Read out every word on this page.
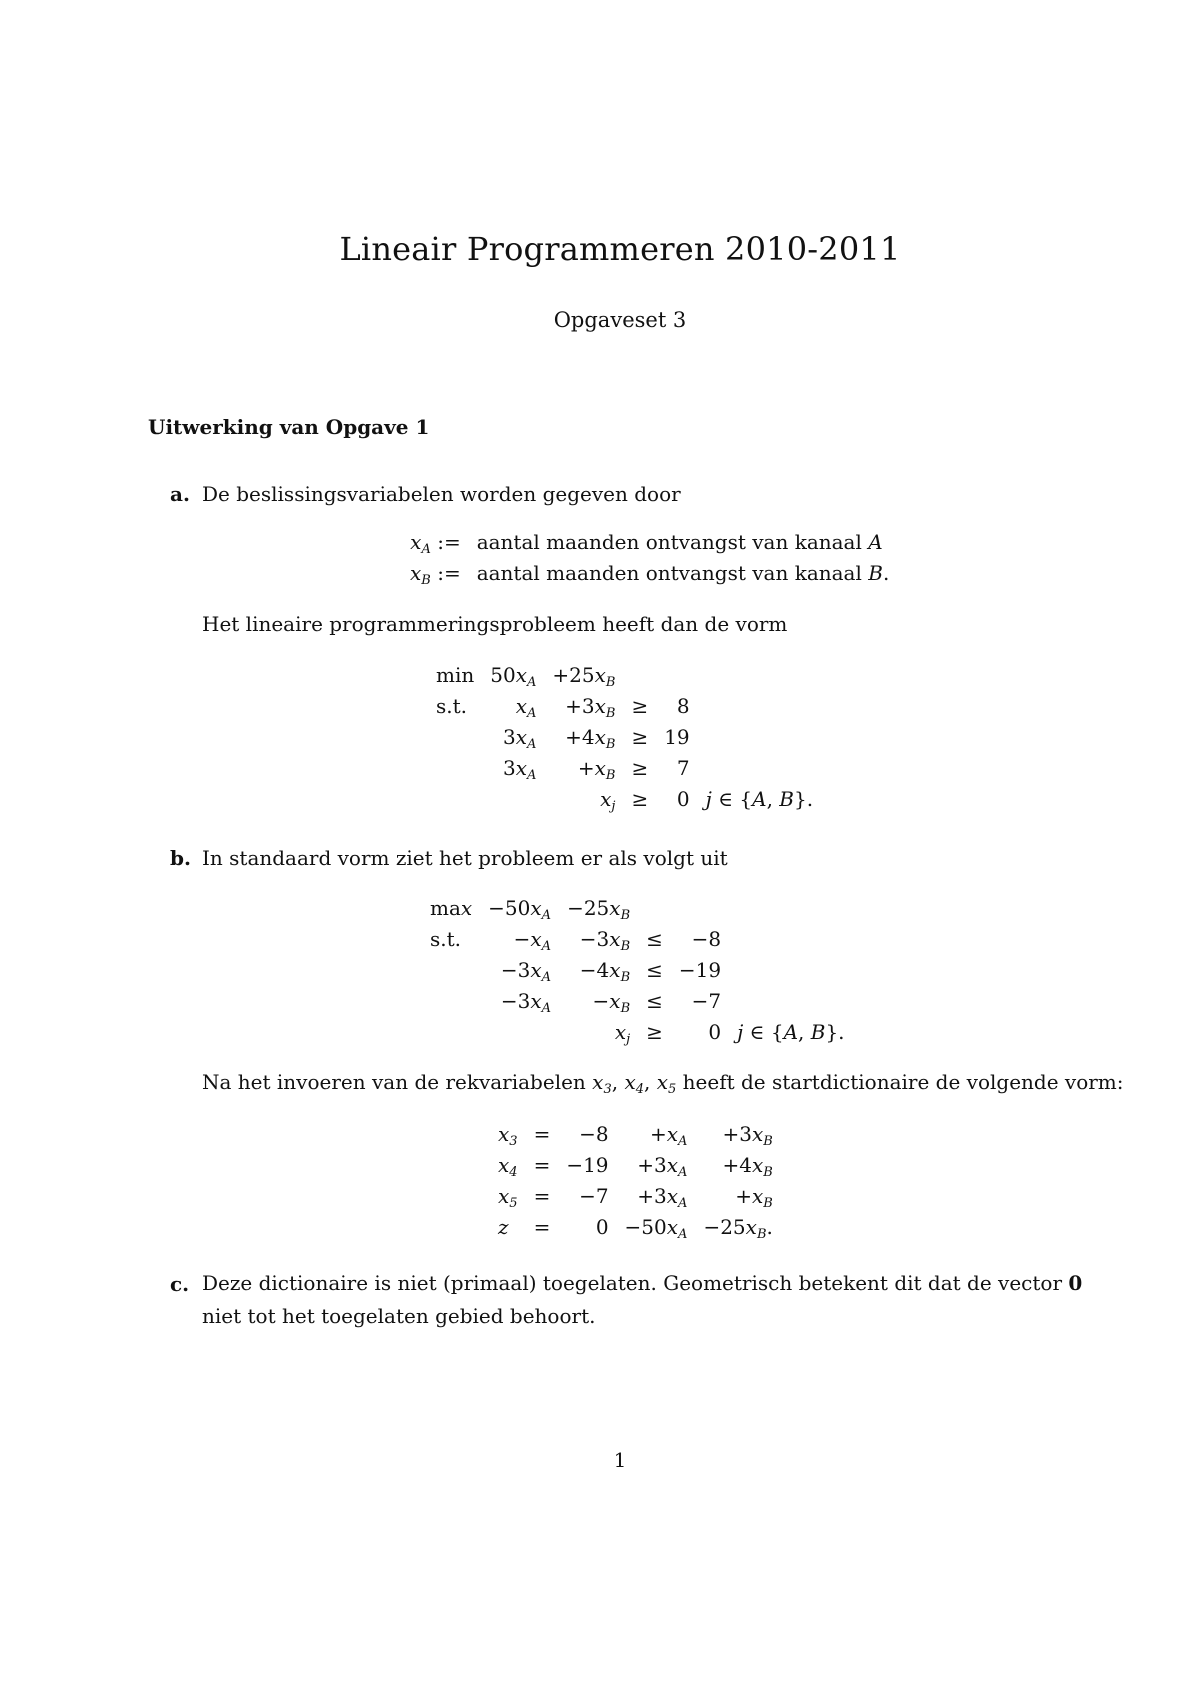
Lineair Programmeren 2010-2011
Opgaveset 3
Uitwerking van Opgave 1
a. De beslissingsvariabelen worden gegeven door
$x_A$ :=	aantal maanden ontvangst van kanaal A
$x_B$ :=	aantal maanden ontvangst van kanaal B.
Het lineaire programmeringsprobleem heeft dan de vorm
min	$50x_A$	$+25x_B$			
s.t.	$x_A$	$+3x_B$	≥	8	
	$3x_A$	$+4x_B$	≥	19	
	$3x_A$	$+x_B$	≥	7	
		$x_j$	≥	0	j ∈ {A, B}.
b. In standaard vorm ziet het probleem er als volgt uit
max	$-50x_A$	$-25x_B$			
s.t.	$-x_A$	$-3x_B$	≤	−8	
	$-3x_A$	$-4x_B$	≤	−19	
	$-3x_A$	$-x_B$	≤	−7	
		$x_j$	≥	0	j ∈ {A, B}.
Na het invoeren van de rekvariabelen $x_3$, $x_4$, $x_5$ heeft de startdictionaire de volgende vorm:
$x_3$	=	−8	$+x_A$	$+3x_B$
$x_4$	=	−19	$+3x_A$	$+4x_B$
$x_5$	=	−7	$+3x_A$	$+x_B$
z	=	0	$-50x_A$	$-25x_B$.
c. Deze dictionaire is niet (primaal) toegelaten. Geometrisch betekent dit dat de vector 0 niet tot het toegelaten gebied behoort.
1
